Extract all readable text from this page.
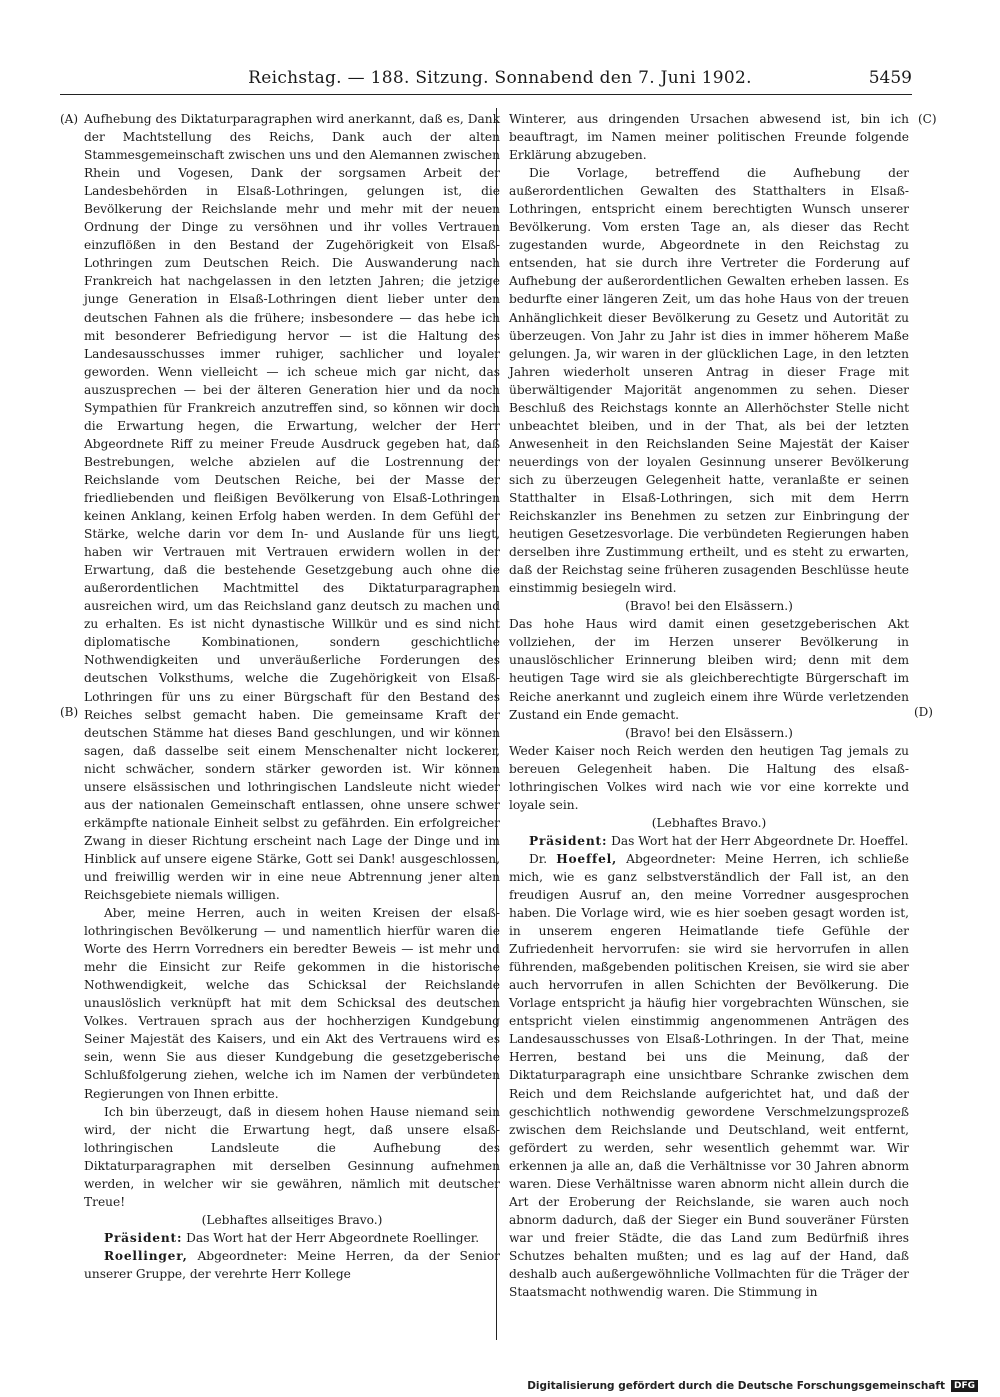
Reichstag. — 188. Sitzung. Sonnabend den 7. Juni 1902.	5459
(A)
(B)
(C)
(D)

Aufhebung des Diktaturparagraphen wird anerkannt, daß es, Dank der Machtstellung des Reichs, Dank auch der alten Stammesgemeinschaft zwischen uns und den Alemannen zwischen Rhein und Vogesen, Dank der sorgsamen Arbeit der Landesbehörden in Elsaß-Lothringen, gelungen ist, die Bevölkerung der Reichslande mehr und mehr mit der neuen Ordnung der Dinge zu versöhnen und ihr volles Vertrauen einzuflößen in den Bestand der Zugehörigkeit von Elsaß-Lothringen zum Deutschen Reich. Die Auswanderung nach Frankreich hat nachgelassen in den letzten Jahren; die jetzige junge Generation in Elsaß-Lothringen dient lieber unter den deutschen Fahnen als die frühere; insbesondere — das hebe ich mit besonderer Befriedigung hervor — ist die Haltung des Landesausschusses immer ruhiger, sachlicher und loyaler geworden. Wenn vielleicht — ich scheue mich gar nicht, das auszusprechen — bei der älteren Generation hier und da noch Sympathien für Frankreich anzutreffen sind, so können wir doch die Erwartung hegen, die Erwartung, welcher der Herr Abgeordnete Riff zu meiner Freude Ausdruck gegeben hat, daß Bestrebungen, welche abzielen auf die Lostrennung der Reichslande vom Deutschen Reiche, bei der Masse der friedliebenden und fleißigen Bevölkerung von Elsaß-Lothringen keinen Anklang, keinen Erfolg haben werden. In dem Gefühl der Stärke, welche darin vor dem In- und Auslande für uns liegt, haben wir Vertrauen mit Vertrauen erwidern wollen in der Erwartung, daß die bestehende Gesetzgebung auch ohne die außerordentlichen Machtmittel des Diktaturparagraphen ausreichen wird, um das Reichsland ganz deutsch zu machen und zu erhalten. Es ist nicht dynastische Willkür und es sind nicht diplomatische Kombinationen, sondern geschichtliche Nothwendigkeiten und unveräußerliche Forderungen des deutschen Volksthums, welche die Zugehörigkeit von Elsaß-Lothringen für uns zu einer Bürgschaft für den Bestand des Reiches selbst gemacht haben. Die gemeinsame Kraft der deutschen Stämme hat dieses Band geschlungen, und wir können sagen, daß dasselbe seit einem Menschenalter nicht lockerer, nicht schwächer, sondern stärker geworden ist. Wir können unsere elsässischen und lothringischen Landsleute nicht wieder aus der nationalen Gemeinschaft entlassen, ohne unsere schwer erkämpfte nationale Einheit selbst zu gefährden. Ein erfolgreicher Zwang in dieser Richtung erscheint nach Lage der Dinge und im Hinblick auf unsere eigene Stärke, Gott sei Dank! ausgeschlossen, und freiwillig werden wir in eine neue Abtrennung jener alten Reichsgebiete niemals willigen.

Aber, meine Herren, auch in weiten Kreisen der elsaß-lothringischen Bevölkerung — und namentlich hierfür waren die Worte des Herrn Vorredners ein beredter Beweis — ist mehr und mehr die Einsicht zur Reife gekommen in die historische Nothwendigkeit, welche das Schicksal der Reichslande unauslöslich verknüpft hat mit dem Schicksal des deutschen Volkes. Vertrauen sprach aus der hochherzigen Kundgebung Seiner Majestät des Kaisers, und ein Akt des Vertrauens wird es sein, wenn Sie aus dieser Kundgebung die gesetzgeberische Schlußfolgerung ziehen, welche ich im Namen der verbündeten Regierungen von Ihnen erbitte.

Ich bin überzeugt, daß in diesem hohen Hause niemand sein wird, der nicht die Erwartung hegt, daß unsere elsaß-lothringischen Landsleute die Aufhebung des Diktaturparagraphen mit derselben Gesinnung aufnehmen werden, in welcher wir sie gewähren, nämlich mit deutscher Treue!

(Lebhaftes allseitiges Bravo.)

Präsident: Das Wort hat der Herr Abgeordnete Roellinger.

Roellinger, Abgeordneter: Meine Herren, da der Senior unserer Gruppe, der verehrte Herr Kollege

Winterer, aus dringenden Ursachen abwesend ist, bin ich beauftragt, im Namen meiner politischen Freunde folgende Erklärung abzugeben.

Die Vorlage, betreffend die Aufhebung der außerordentlichen Gewalten des Statthalters in Elsaß-Lothringen, entspricht einem berechtigten Wunsch unserer Bevölkerung. Vom ersten Tage an, als dieser das Recht zugestanden wurde, Abgeordnete in den Reichstag zu entsenden, hat sie durch ihre Vertreter die Forderung auf Aufhebung der außerordentlichen Gewalten erheben lassen. Es bedurfte einer längeren Zeit, um das hohe Haus von der treuen Anhänglichkeit dieser Bevölkerung zu Gesetz und Autorität zu überzeugen. Von Jahr zu Jahr ist dies in immer höherem Maße gelungen. Ja, wir waren in der glücklichen Lage, in den letzten Jahren wiederholt unseren Antrag in dieser Frage mit überwältigender Majorität angenommen zu sehen. Dieser Beschluß des Reichstags konnte an Allerhöchster Stelle nicht unbeachtet bleiben, und in der That, als bei der letzten Anwesenheit in den Reichslanden Seine Majestät der Kaiser neuerdings von der loyalen Gesinnung unserer Bevölkerung sich zu überzeugen Gelegenheit hatte, veranlaßte er seinen Statthalter in Elsaß-Lothringen, sich mit dem Herrn Reichskanzler ins Benehmen zu setzen zur Einbringung der heutigen Gesetzesvorlage. Die verbündeten Regierungen haben derselben ihre Zustimmung ertheilt, und es steht zu erwarten, daß der Reichstag seine früheren zusagenden Beschlüsse heute einstimmig besiegeln wird.

(Bravo! bei den Elsässern.)

Das hohe Haus wird damit einen gesetzgeberischen Akt vollziehen, der im Herzen unserer Bevölkerung in unauslöschlicher Erinnerung bleiben wird; denn mit dem heutigen Tage wird sie als gleichberechtigte Bürgerschaft im Reiche anerkannt und zugleich einem ihre Würde verletzenden Zustand ein Ende gemacht.

(Bravo! bei den Elsässern.)

Weder Kaiser noch Reich werden den heutigen Tag jemals zu bereuen Gelegenheit haben. Die Haltung des elsaß-lothringischen Volkes wird nach wie vor eine korrekte und loyale sein.

(Lebhaftes Bravo.)

Präsident: Das Wort hat der Herr Abgeordnete Dr. Hoeffel.

Dr. Hoeffel, Abgeordneter: Meine Herren, ich schließe mich, wie es ganz selbstverständlich der Fall ist, an den freudigen Ausruf an, den meine Vorredner ausgesprochen haben. Die Vorlage wird, wie es hier soeben gesagt worden ist, in unserem engeren Heimatlande tiefe Gefühle der Zufriedenheit hervorrufen: sie wird sie hervorrufen in allen führenden, maßgebenden politischen Kreisen, sie wird sie aber auch hervorrufen in allen Schichten der Bevölkerung. Die Vorlage entspricht ja häufig hier vorgebrachten Wünschen, sie entspricht vielen einstimmig angenommenen Anträgen des Landesausschusses von Elsaß-Lothringen. In der That, meine Herren, bestand bei uns die Meinung, daß der Diktaturparagraph eine unsichtbare Schranke zwischen dem Reich und dem Reichslande aufgerichtet hat, und daß der geschichtlich nothwendig gewordene Verschmelzungsprozeß zwischen dem Reichslande und Deutschland, weit entfernt, gefördert zu werden, sehr wesentlich gehemmt war. Wir erkennen ja alle an, daß die Verhältnisse vor 30 Jahren abnorm waren. Diese Verhältnisse waren abnorm nicht allein durch die Art der Eroberung der Reichslande, sie waren auch noch abnorm dadurch, daß der Sieger ein Bund souveräner Fürsten war und freier Städte, die das Land zum Bedürfniß ihres Schutzes behalten mußten; und es lag auf der Hand, daß deshalb auch außergewöhnliche Vollmachten für die Träger der Staatsmacht nothwendig waren. Die Stimmung in

Digitalisierung gefördert durch die Deutsche Forschungsgemeinschaft	DFG
